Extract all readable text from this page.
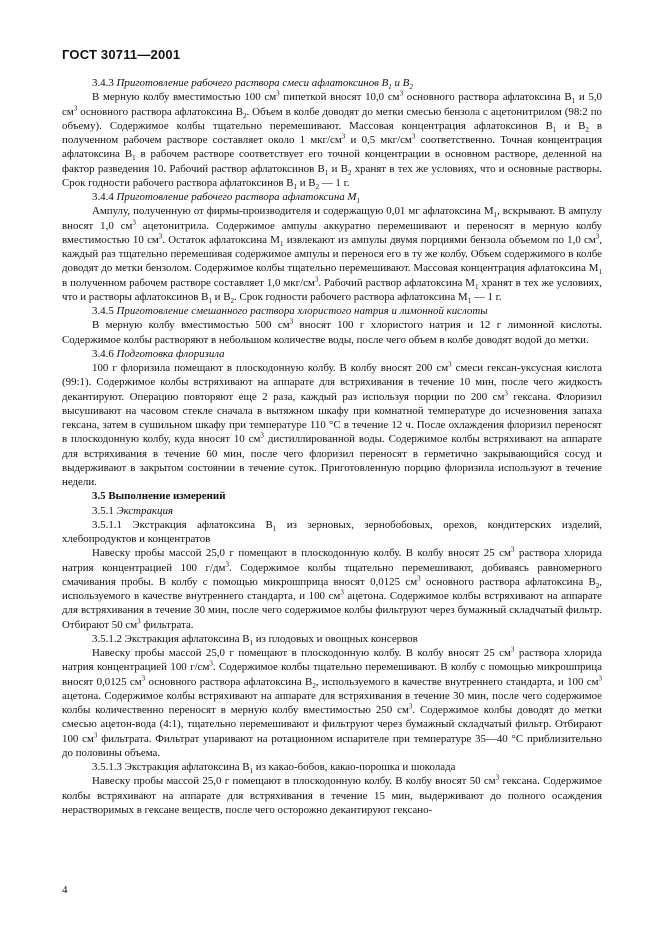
ГОСТ 30711—2001

3.4.3 Приготовление рабочего раствора смеси афлатоксинов $В_1$ и $В_2$

В мерную колбу вместимостью 100 $см^3$ пипеткой вносят 10,0 $см^3$ основного раствора афлатоксина $В_1$ и 5,0 $см^3$ основного раствора афлатоксина $В_2$. Объем в колбе доводят до метки смесью бензола с ацетонитрилом (98:2 по объему). Содержимое колбы тщательно перемешивают. Массовая концентрация афлатоксинов $В_1$ и $В_2$ в полученном рабочем растворе составляет около 1 мкг/$см^3$ и 0,5 мкг/$см^3$ соответственно. Точная концентрация афлатоксина $В_1$ в рабочем растворе соответствует его точной концентрации в основном растворе, деленной на фактор разведения 10. Рабочий раствор афлатоксинов $В_1$ и $В_2$ хранят в тех же условиях, что и основные растворы. Срок годности рабочего раствора афлатоксинов $В_1$ и $В_2$ — 1 г.

3.4.4 Приготовление рабочего раствора афлатоксина $М_1$

Ампулу, полученную от фирмы-производителя и содержащую 0,01 мг афлатоксина $М_1$, вскрывают. В ампулу вносят 1,0 $см^3$ ацетонитрила. Содержимое ампулы аккуратно перемешивают и переносят в мерную колбу вместимостью 10 $см^3$. Остаток афлатоксина $М_1$ извлекают из ампулы двумя порциями бензола объемом по 1,0 $см^3$, каждый раз тщательно перемешивая содержимое ампулы и перенося его в ту же колбу. Объем содержимого в колбе доводят до метки бензолом. Содержимое колбы тщательно перемешивают. Массовая концентрация афлатоксина $М_1$ в полученном рабочем растворе составляет 1,0 мкг/$см^3$. Рабочий раствор афлатоксина $М_1$ хранят в тех же условиях, что и растворы афлатоксинов $В_1$ и $В_2$. Срок годности рабочего раствора афлатоксина $М_1$ — 1 г.

3.4.5 Приготовление смешанного раствора хлористого натрия и лимонной кислоты

В мерную колбу вместимостью 500 $см^3$ вносят 100 г хлористого натрия и 12 г лимонной кислоты. Содержимое колбы растворяют в небольшом количестве воды, после чего объем в колбе доводят водой до метки.

3.4.6 Подготовка флоризила

100 г флоризила помещают в плоскодонную колбу. В колбу вносят 200 $см^3$ смеси гексан-уксусная кислота (99:1). Содержимое колбы встряхивают на аппарате для встряхивания в течение 10 мин, после чего жидкость декантируют. Операцию повторяют еще 2 раза, каждый раз используя порции по 200 $см^3$ гексана. Флоризил высушивают на часовом стекле сначала в вытяжном шкафу при комнатной температуре до исчезновения запаха гексана, затем в сушильном шкафу при температуре 110 °С в течение 12 ч. После охлаждения флоризил переносят в плоскодонную колбу, куда вносят 10 $см^3$ дистиллированной воды. Содержимое колбы встряхивают на аппарате для встряхивания в течение 60 мин, после чего флоризил переносят в герметично закрывающийся сосуд и выдерживают в закрытом состоянии в течение суток. Приготовленную порцию флоризила используют в течение недели.

3.5 Выполнение измерений

3.5.1 Экстракция

3.5.1.1 Экстракция афлатоксина $В_1$ из зерновых, зернобобовых, орехов, кондитерских изделий, хлебопродуктов и концентратов

Навеску пробы массой 25,0 г помещают в плоскодонную колбу. В колбу вносят 25 $см^3$ раствора хлорида натрия концентрацией 100 $г/дм^3$. Содержимое колбы тщательно перемешивают, добиваясь равномерного смачивания пробы. В колбу с помощью микрошприца вносят 0,0125 $см^3$ основного раствора афлатоксина $В_2$, используемого в качестве внутреннего стандарта, и 100 $см^3$ ацетона. Содержимое колбы встряхивают на аппарате для встряхивания в течение 30 мин, после чего содержимое колбы фильтруют через бумажный складчатый фильтр. Отбирают 50 $см^3$ фильтрата.

3.5.1.2 Экстракция афлатоксина $В_1$ из плодовых и овощных консервов

Навеску пробы массой 25,0 г помещают в плоскодонную колбу. В колбу вносят 25 $см^3$ раствора хлорида натрия концентрацией 100 $г/см^3$. Содержимое колбы тщательно перемешивают. В колбу с помощью микрошприца вносят 0,0125 $см^3$ основного раствора афлатоксина $В_2$, используемого в качестве внутреннего стандарта, и 100 $см^3$ ацетона. Содержимое колбы встряхивают на аппарате для встряхивания в течение 30 мин, после чего содержимое колбы количественно переносят в мерную колбу вместимостью 250 $см^3$. Содержимое колбы доводят до метки смесью ацетон-вода (4:1), тщательно перемешивают и фильтруют через бумажный складчатый фильтр. Отбирают 100 $см^3$ фильтрата. Фильтрат упаривают на ротационном испарителе при температуре 35—40 °С приблизительно до половины объема.

3.5.1.3 Экстракция афлатоксина $В_1$ из какао-бобов, какао-порошка и шоколада

Навеску пробы массой 25,0 г помещают в плоскодонную колбу. В колбу вносят 50 $см^3$ гексана. Содержимое колбы встряхивают на аппарате для встряхивания в течение 15 мин, выдерживают до полного осаждения нерастворимых в гексане веществ, после чего осторожно декантируют гексано-

4
